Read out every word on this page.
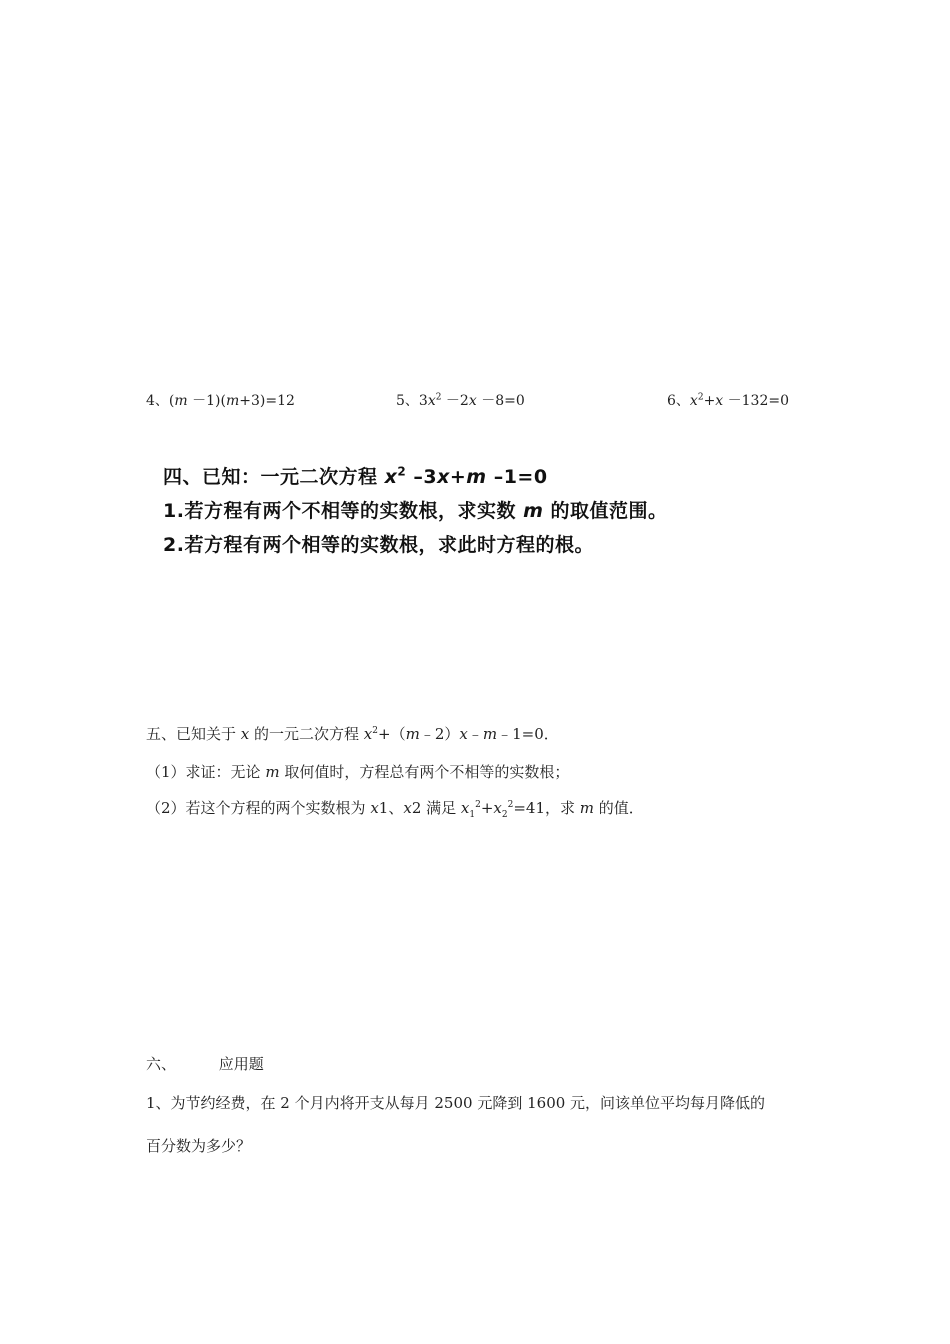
4、(m －1)(m+3)=12	5、$3x^2 -2x -8=0$	6、$x^2+x -132=0$
四、已知：一元二次方程 $x^2$ –3x+m –1=0
1.若方程有两个不相等的实数根，求实数 m 的取值范围。
2.若方程有两个相等的实数根，求此时方程的根。
五、已知关于 x 的一元二次方程 $x^2+(m﹣2)x﹣m﹣1=0$．
（1）求证：无论 m 取何值时，方程总有两个不相等的实数根；
（2）若这个方程的两个实数根为 x1、x2 满足 $x_1^2+x_2^2=41$，求 m 的值．
六、	应用题
1、为节约经费，在 2 个月内将开支从每月 2500 元降到 1600 元，问该单位平均每月降低的
百分数为多少？
